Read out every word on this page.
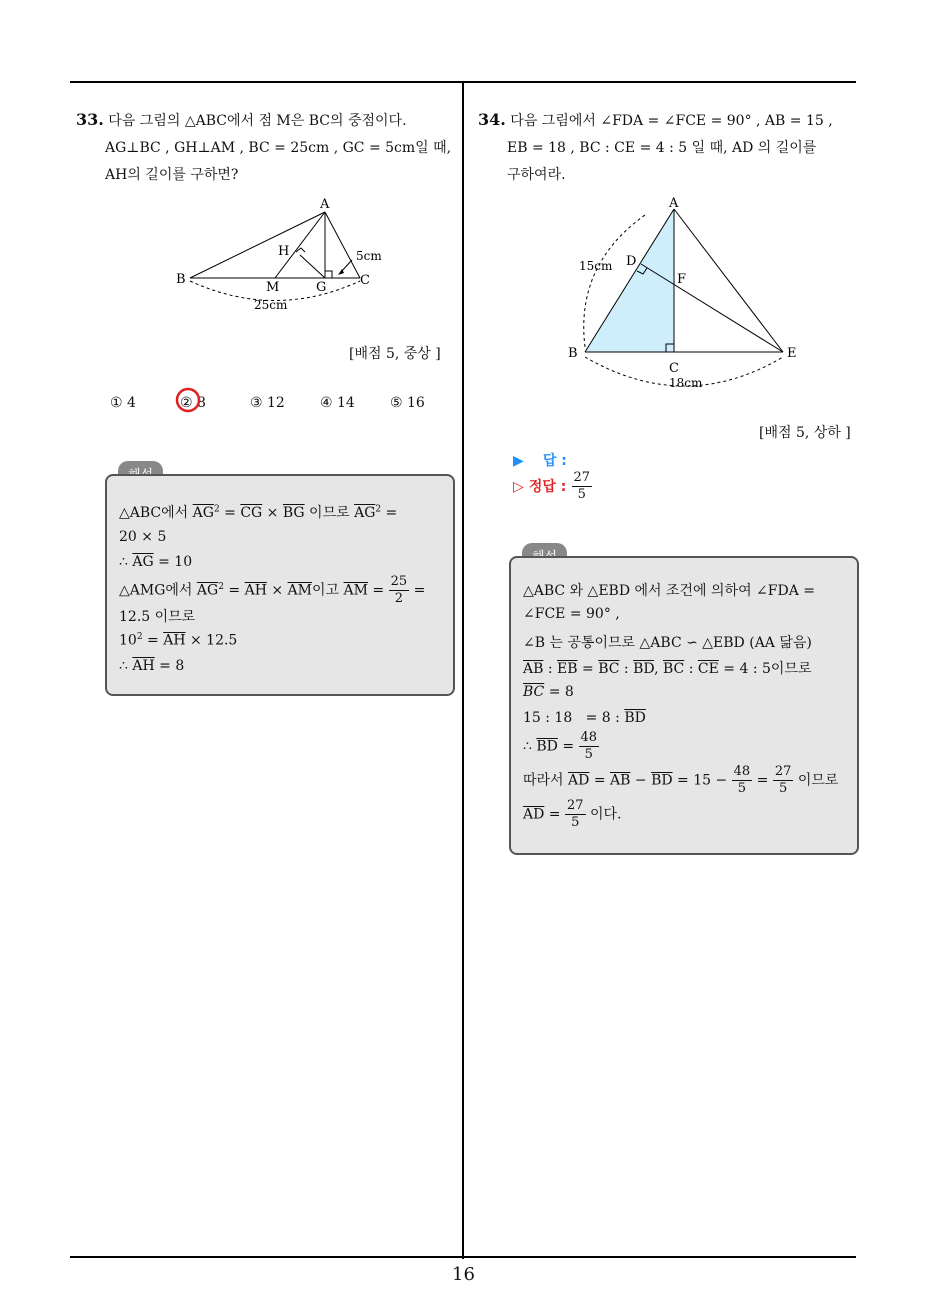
33. 다음 그림의 △ABC에서 점 M은 BC의 중점이다.
AG⊥BC , GH⊥AM , BC = 25cm , GC = 5cm일 때,
AH의 길이를 구하면?
A
B	C
H
M	G
5cm
25cm
[배점 5, 중상 ]
① 4	② 8	③ 12	④ 14	⑤ 16
△ABC에서 $\overline{AG}^2 = \overline{CG} \times \overline{BG}$ 이므로 $\overline{AG}^2$ =
20 × 5
∴ $\overline{AG} = 10$
△AMG에서 $\overline{AG}^2 = \overline{AH} \times \overline{AM}$이고 $\overline{AM} = \frac{25}{2}$ =
12.5 이므로
$10^2 = \overline{AH} \times 12.5$
∴ $\overline{AH} = 8$
34. 다음 그림에서 ∠FDA = ∠FCE = 90° , AB = 15 ,
EB = 18 , BC : CE = 4 : 5 일 때, AD 의 길이를
구하여라.
A
B
C
D
E
F
15cm
18cm
[배점 5, 상하 ]
▶ 답 :
▷ 정답 : $\frac{27}{5}$
△ABC 와 △EBD 에서 조건에 의하여 ∠FDA =
∠FCE = 90° ,
∠B 는 공통이므로 △ABC ∽ △EBD (AA 닮음)
$\overline{AB}$ : $\overline{EB} = \overline{BC}$ : $\overline{BD}$, $\overline{BC}$ : $\overline{CE} = 4$ : 5이므로
$\overline{BC} = 8$
15 : 18   = 8 : $\overline{BD}$
∴ $\overline{BD} = \frac{48}{5}$
따라서 $\overline{AD} = \overline{AB} - \overline{BD} = 15 - \frac{48}{5} = \frac{27}{5}$ 이므로
$\overline{AD} = \frac{27}{5}$ 이다.
16
